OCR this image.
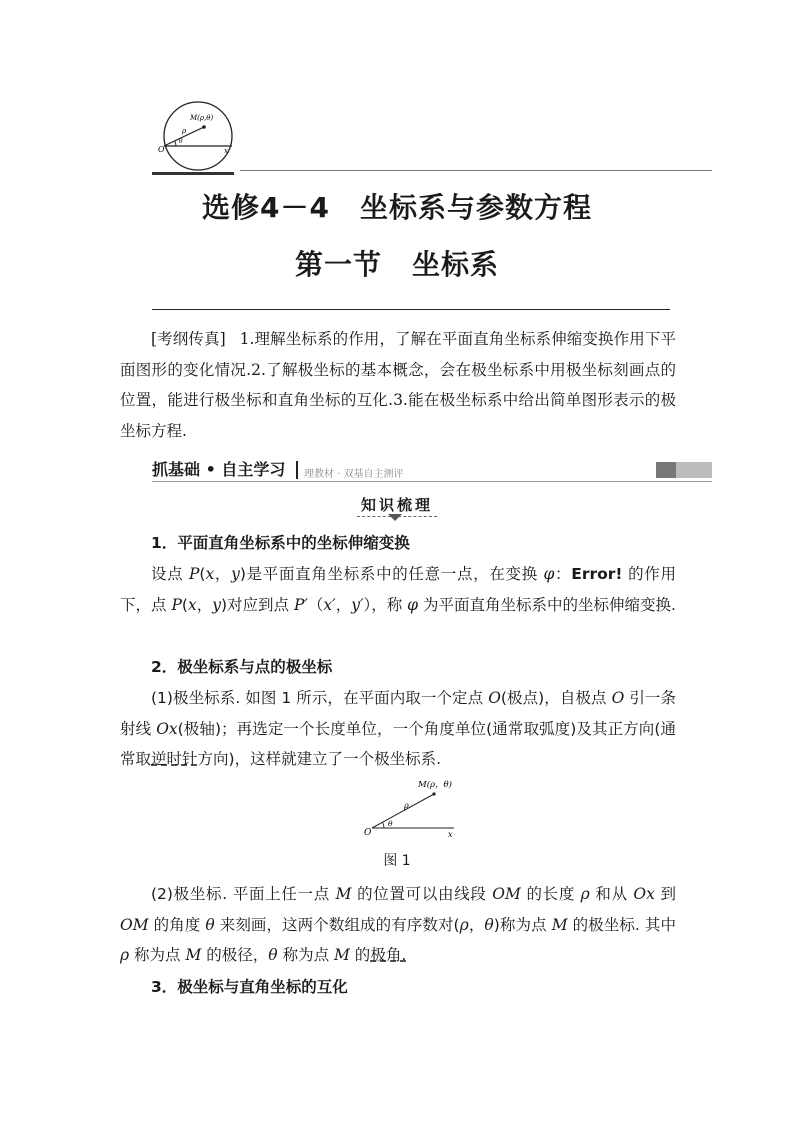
M(ρ,θ)
ρ
θ
O	x
选修4－4 坐标系与参数方程
第一节 坐标系
[考纲传真] 1.理解坐标系的作用，了解在平面直角坐标系伸缩变换作用下平面图形的变化情况.2.了解极坐标的基本概念，会在极坐标系中用极坐标刻画点的位置，能进行极坐标和直角坐标的互化.3.能在极坐标系中给出简单图形表示的极坐标方程.
抓基础 • 自主学习 理教材 · 双基自主测评
知识梳理
1．平面直角坐标系中的坐标伸缩变换
设点 P(x，y)是平面直角坐标系中的任意一点，在变换 φ：Error! 的作用下，点 P(x，y)对应到点 P′（x′，y′），称 φ 为平面直角坐标系中的坐标伸缩变换.
2．极坐标系与点的极坐标
(1)极坐标系. 如图 1 所示，在平面内取一个定点 O(极点)，自极点 O 引一条射线 Ox(极轴)；再选定一个长度单位，一个角度单位(通常取弧度)及其正方向(通常取逆时针方向)，这样就建立了一个极坐标系.
M(ρ，θ)
ρ
θ
O	x
图 1
(2)极坐标. 平面上任一点 M 的位置可以由线段 OM 的长度 ρ 和从 Ox 到 OM 的角度 θ 来刻画，这两个数组成的有序数对(ρ，θ)称为点 M 的极坐标. 其中 ρ 称为点 M 的极径，θ 称为点 M 的极角.
3．极坐标与直角坐标的互化
